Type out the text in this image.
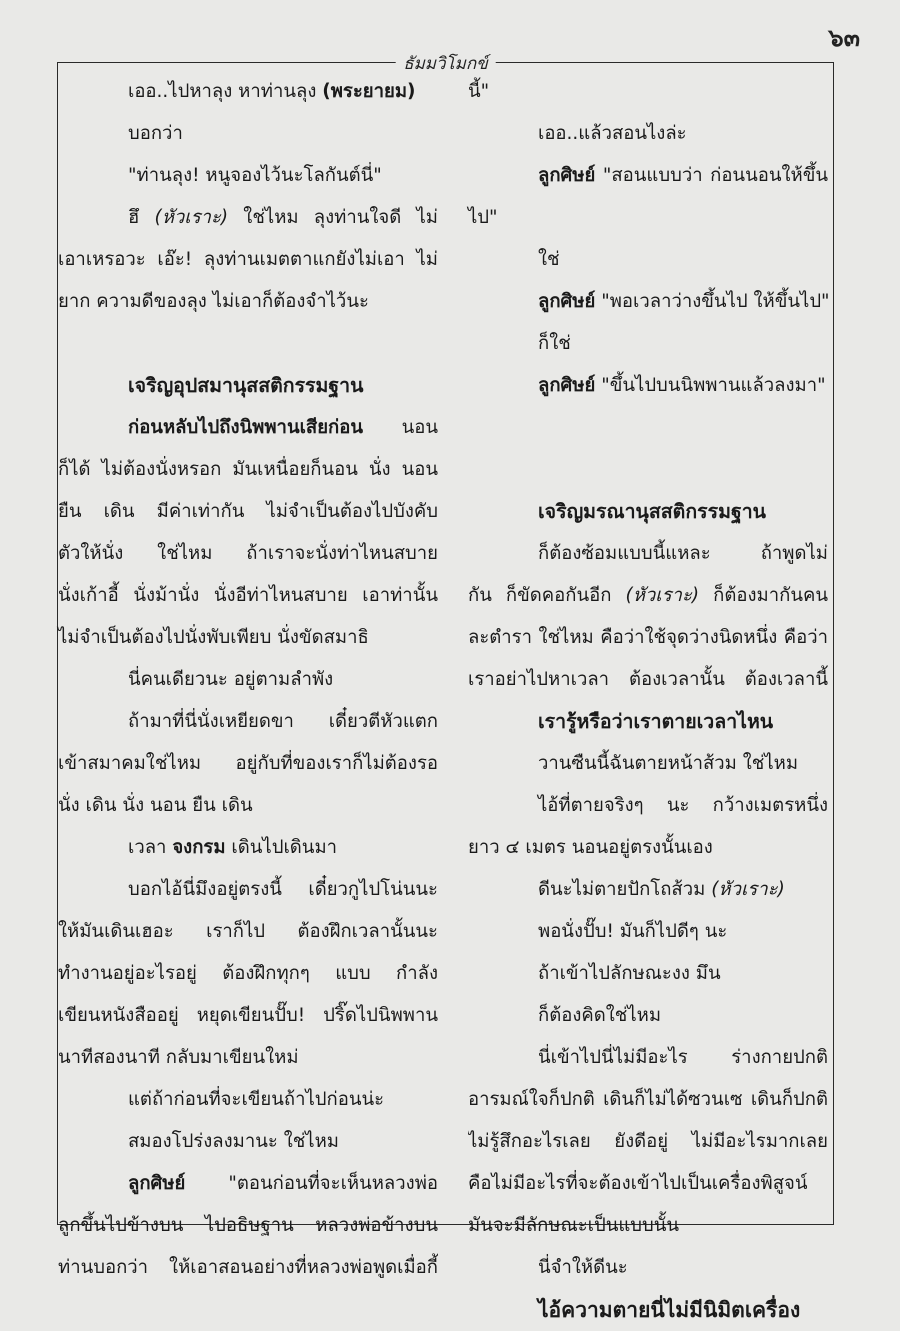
๖๓
ธัมมวิโมกข์
เออ..ไปหาลุง หาท่านลุง (พระยายม)
บอกว่า
"ท่านลุง! หนูจองไว้นะโลกันต์นี่"
ฮึ (หัวเราะ) ใช่ไหม ลุงท่านใจดี ไม่
เอาเหรอวะ เอ๊ะ! ลุงท่านเมตตาแกยังไม่เอา ไม่
ยาก ความดีของลุง ไม่เอาก็ต้องจำไว้นะ
เจริญอุปสมานุสสติกรรมฐาน
ก่อนหลับไปถึงนิพพานเสียก่อน นอน
ก็ได้ ไม่ต้องนั่งหรอก มันเหนื่อยก็นอน นั่ง นอน
ยืน เดิน มีค่าเท่ากัน ไม่จำเป็นต้องไปบังคับ
ตัวให้นั่ง ใช่ไหม ถ้าเราจะนั่งท่าไหนสบาย
นั่งเก้าอี้ นั่งม้านั่ง นั่งอีท่าไหนสบาย เอาท่านั้น
ไม่จำเป็นต้องไปนั่งพับเพียบ นั่งขัดสมาธิ
นี่คนเดียวนะ อยู่ตามลำพัง
ถ้ามาที่นี่นั่งเหยียดขา เดี๋ยวตีหัวแตก
เข้าสมาคมใช่ไหม อยู่กับที่ของเราก็ไม่ต้องรอ
นั่ง เดิน นั่ง นอน ยืน เดิน
เวลา จงกรม เดินไปเดินมา
บอกไอ้นี่มึงอยู่ตรงนี้ เดี๋ยวกูไปโน่นนะ
ให้มันเดินเฮอะ เราก็ไป ต้องฝึกเวลานั้นนะ
ทำงานอยู่อะไรอยู่ ต้องฝึกทุกๆ แบบ กำลัง
เขียนหนังสืออยู่ หยุดเขียนปั๊บ! ปริ๊ดไปนิพพาน
นาทีสองนาที กลับมาเขียนใหม่
แต่ถ้าก่อนที่จะเขียนถ้าไปก่อนน่ะ
สมองโปร่งลงมานะ ใช่ไหม
ลูกศิษย์ "ตอนก่อนที่จะเห็นหลวงพ่อ
ลูกขึ้นไปข้างบน ไปอธิษฐาน หลวงพ่อข้างบน
ท่านบอกว่า ให้เอาสอนอย่างที่หลวงพ่อพูดเมื่อกี้
นี้"
เออ..แล้วสอนไงล่ะ
ลูกศิษย์ "สอนแบบว่า ก่อนนอนให้ขึ้น
ไป"
ใช่
ลูกศิษย์ "พอเวลาว่างขึ้นไป ให้ขึ้นไป"
ก็ใช่
ลูกศิษย์ "ขึ้นไปบนนิพพานแล้วลงมา"
เจริญมรณานุสสติกรรมฐาน
ก็ต้องซ้อมแบบนี้แหละ ถ้าพูดไม่
กัน ก็ขัดคอกันอีก (หัวเราะ) ก็ต้องมากันคน
ละตำรา ใช่ไหม คือว่าใช้จุดว่างนิดหนึ่ง คือว่า
เราอย่าไปหาเวลา ต้องเวลานั้น ต้องเวลานี้
เรารู้หรือว่าเราตายเวลาไหน
วานซืนนี้ฉันตายหน้าส้วม ใช่ไหม
ไอ้ที่ตายจริงๆ นะ กว้างเมตรหนึ่ง
ยาว ๔ เมตร นอนอยู่ตรงนั้นเอง
ดีนะไม่ตายปักโถส้วม (หัวเราะ)
พอนั่งปั๊บ! มันก็ไปดีๆ นะ
ถ้าเข้าไปลักษณะงง มึน
ก็ต้องคิดใช่ไหม
นี่เข้าไปนี่ไม่มีอะไร ร่างกายปกติ
อารมณ์ใจก็ปกติ เดินก็ไม่ได้ซวนเซ เดินก็ปกติ
ไม่รู้สึกอะไรเลย ยังดีอยู่ ไม่มีอะไรมากเลย
คือไม่มีอะไรที่จะต้องเข้าไปเป็นเครื่องพิสูจน์
มันจะมีลักษณะเป็นแบบนั้น
นี่จำให้ดีนะ
ไอ้ความตายนี่ไม่มีนิมิตเครื่อง
